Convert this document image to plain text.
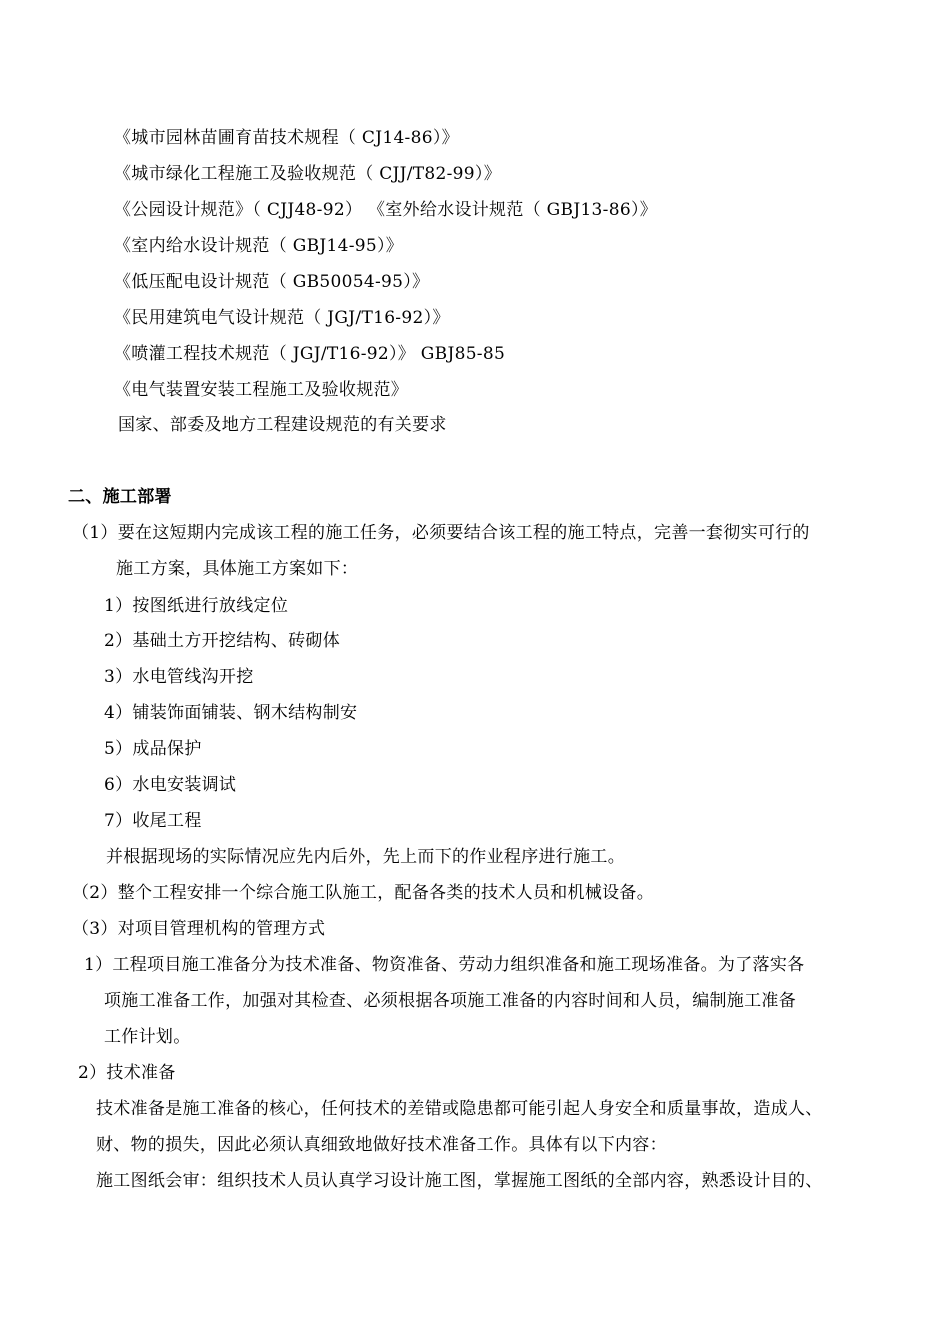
《城市园林苗圃育苗技术规程（ CJ14-86）》
《城市绿化工程施工及验收规范（ CJJ/T82-99）》
《公园设计规范》（ CJJ48-92） 《室外给水设计规范（ GBJ13-86）》
《室内给水设计规范（ GBJ14-95）》
《低压配电设计规范（ GB50054-95）》
《民用建筑电气设计规范（ JGJ/T16-92）》
《喷灌工程技术规范（ JGJ/T16-92）》 GBJ85-85
《电气装置安装工程施工及验收规范》
国家、部委及地方工程建设规范的有关要求
二、施工部署
（1）要在这短期内完成该工程的施工任务，必须要结合该工程的施工特点，完善一套彻实可行的
施工方案，具体施工方案如下：
1）按图纸进行放线定位
2）基础土方开挖结构、砖砌体
3）水电管线沟开挖
4）铺装饰面铺装、钢木结构制安
5）成品保护
6）水电安装调试
7）收尾工程
并根据现场的实际情况应先内后外，先上而下的作业程序进行施工。
（2）整个工程安排一个综合施工队施工，配备各类的技术人员和机械设备。
（3）对项目管理机构的管理方式
1）工程项目施工准备分为技术准备、物资准备、劳动力组织准备和施工现场准备。为了落实各
项施工准备工作，加强对其检查、必须根据各项施工准备的内容时间和人员，编制施工准备
工作计划。
2）技术准备
技术准备是施工准备的核心，任何技术的差错或隐患都可能引起人身安全和质量事故，造成人、
财、物的损失，因此必须认真细致地做好技术准备工作。具体有以下内容：
施工图纸会审：组织技术人员认真学习设计施工图，掌握施工图纸的全部内容，熟悉设计目的、
